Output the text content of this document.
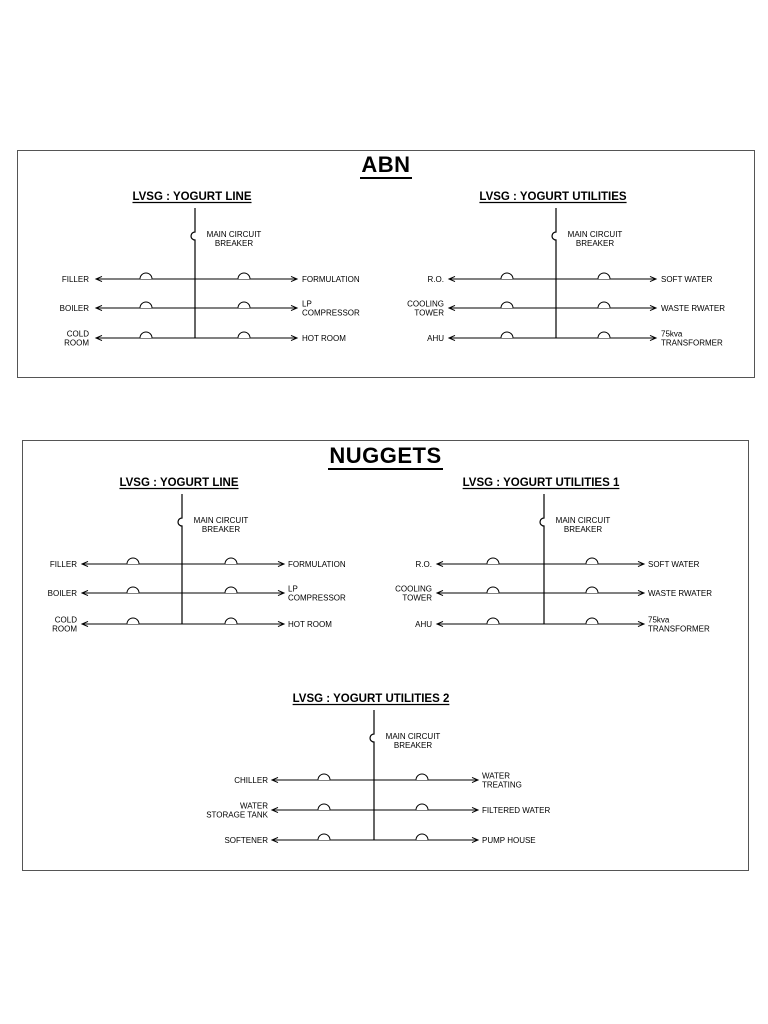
ABN
NUGGETS
LVSG : YOGURT LINE
MAIN CIRCUIT
BREAKER
FILLER	FORMULATION
BOILER	LP
COMPRESSOR
COLD
ROOM	HOT ROOM
LVSG : YOGURT UTILITIES
MAIN CIRCUIT
BREAKER
R.O.	SOFT WATER
COOLING
TOWER	WASTE RWATER
AHU	75kva
TRANSFORMER
LVSG : YOGURT LINE
MAIN CIRCUIT
BREAKER
FILLER	FORMULATION
BOILER	LP
COMPRESSOR
COLD
ROOM	HOT ROOM
LVSG : YOGURT UTILITIES 1
MAIN CIRCUIT
BREAKER
R.O.	SOFT WATER
COOLING
TOWER	WASTE RWATER
AHU	75kva
TRANSFORMER
LVSG : YOGURT UTILITIES 2
MAIN CIRCUIT
BREAKER
CHILLER	WATER
TREATING
WATER
STORAGE TANK	FILTERED WATER
SOFTENER	PUMP HOUSE
